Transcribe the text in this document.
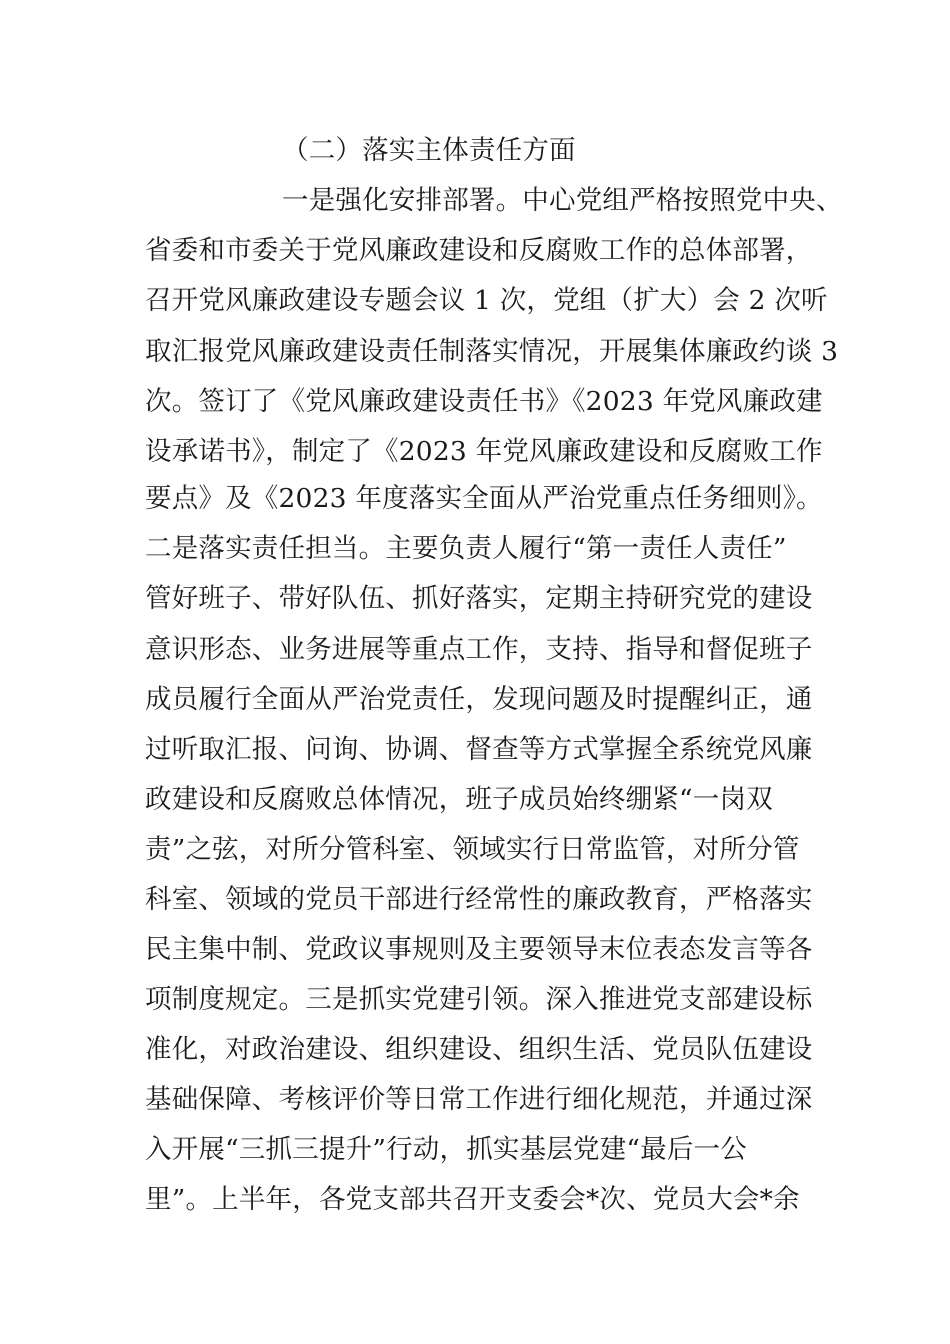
（二）落实主体责任方面
一是强化安排部署。中心党组严格按照党中央、
省委和市委关于党风廉政建设和反腐败工作的总体部署，
召开党风廉政建设专题会议 1 次，党组（扩大）会 2 次听
取汇报党风廉政建设责任制落实情况，开展集体廉政约谈 3
次。签订了《党风廉政建设责任书》《2023 年党风廉政建
设承诺书》，制定了《2023 年党风廉政建设和反腐败工作
要点》及《2023 年度落实全面从严治党重点任务细则》。
二是落实责任担当。主要负责人履行“第一责任人责任”
管好班子、带好队伍、抓好落实，定期主持研究党的建设
意识形态、业务进展等重点工作，支持、指导和督促班子
成员履行全面从严治党责任，发现问题及时提醒纠正，通
过听取汇报、问询、协调、督查等方式掌握全系统党风廉
政建设和反腐败总体情况，班子成员始终绷紧“一岗双
责”之弦，对所分管科室、领域实行日常监管，对所分管
科室、领域的党员干部进行经常性的廉政教育，严格落实
民主集中制、党政议事规则及主要领导末位表态发言等各
项制度规定。三是抓实党建引领。深入推进党支部建设标
准化，对政治建设、组织建设、组织生活、党员队伍建设
基础保障、考核评价等日常工作进行细化规范，并通过深
入开展“三抓三提升”行动，抓实基层党建“最后一公
里”。上半年，各党支部共召开支委会*次、党员大会*余
